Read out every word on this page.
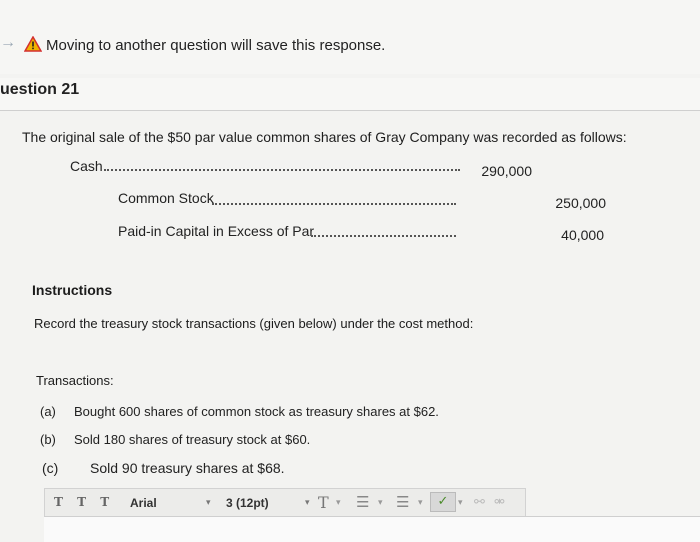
→ Moving to another question will save this response.
uestion 21
The original sale of the $50 par value common shares of Gray Company was recorded as follows:
Cash	290,000
Common Stock	250,000
Paid-in Capital in Excess of Par	40,000
Instructions
Record the treasury stock transactions (given below) under the cost method:
Transactions:
(a) Bought 600 shares of common stock as treasury shares at $62.
(b) Sold 180 shares of treasury stock at $60.
(c) Sold 90 treasury shares at $68.
T T T Arial	▾ 3 (12pt)	▾ T ▾ ☰ ▾ ☰ ▾	✓	▾ ⚯ ⚮
